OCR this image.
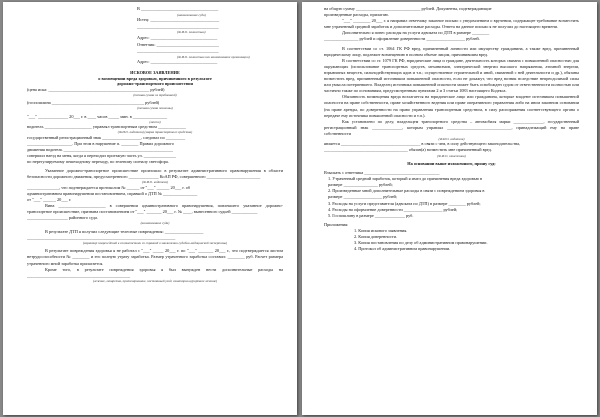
В ____________________________________
(наименование суда)
Истец: ________________________________
______________________________________
(Ф.И.О. полностью)
Адрес: _______________________________
Ответчик: _____________________________
______________________________________
(Ф.И.О. полностью или наименование организации)
Адрес: _______________________________
ИСКОВОЕ ЗАЯВЛЕНИЕ
о возмещении вреда здоровью, причиненного в результате
дорожно-транспортного происшествия
(цена иска: _______________________________________________ рублей)
(точная сумма из требований)
(госпошлина ___________________________________________ рублей)
(точная сумма пошлины)
"___" ______________ 20___ г. в ____ часов _____ мин. в ________________
(место)
водитель ______________________ управлял транспортным средством _____________
(Ф.И.О. водителя) (марка транспортного средства)
государственный регистрационный знак __________________, следовал по _________
_____________________. При этом в нарушение п. ________ Правил дорожного
движения водитель ___________________________________________________
совершил наезд на меня, когда я переходил проезжую часть ул. _______________
по нерегулируемому пешеходному переходу, по зеленому сигналу светофора.
Указанное дорожно-транспортное происшествие произошло в результате административного правонарушения в области безопасности дорожного движения, предусмотренного ______________ КоАП РФ, совершенного _________________________
(Ф.И.О. водителя)
_______________, что подтверждается протоколом № ______ от "___" ______ 20___ г. об
административном правонарушении постановлением, справкой о ДТП № ________________
от "___" ______ 20___ г.
Вина ______________________ в совершении административного правонарушения, повлекшего указанное дорожно-транспортное происшествие, признана постановлением от "___" _______ 20___ г. № ____, вынесенного судьей ____________
___________________ районного суда.
(наименование суда)
В результате ДТП я получил следующие телесные повреждения: __________________
_____________________________________________________________________
(характер повреждений в соответствии со справкой о заключении судебно-медицинской экспертизы)
В результате повреждения здоровья я не работал с "___" _____ 20___ г. по "___" _______ 20___ г., что подтверждается листом нетрудоспособности № ________ и его полную утрату заработка. Размер утраченного заработка составил: ________ руб. Расчет размера утраченного мной заработка прилагается.
Кроме того, в результате повреждения здоровья я был вынужден нести дополнительные расходы на ________________________________________________
(лечение, лекарства, протезирование, постоянный уход, санаторно-курортное лечение)
на общую сумму ______________________________ рублей. Документы, подтверждающие
произведенные расходы, прилагаю.
"___" ________ 20___ г. я направил ответчику заказное письмо с уведомлением о вручении, содержащее требование возместить мне утраченный средний заработок и дополнительные расходы. Ответа на данное письмо я не получил до настоящего времени.
Дополнительно я понес расходы на услуги адвоката по ДТП в размере ________
________________ рублей и оформление доверенности __________________ рублей.
В соответствии со ст. 1064 ГК РФ вред, причиненный личности или имуществу гражданина, а также вред, причиненный юридическому лицу, подлежит возмещению в полном объеме лицом, причинившим вред.
В соответствии со ст. 1079 ГК РФ, юридические лица и граждане, деятельность которых связана с повышенной опасностью для окружающих (использование транспортных средств, механизмов, электрической энергии высокого напряжения, атомной энергии, взрывчатых веществ, сильнодействующих ядов и т.п.; осуществление строительной и иной, связанной с ней деятельности и др.), обязаны возместить вред, причиненный источником повышенной опасности, если не докажут, что вред возник вследствие непреодолимой силы или умысла потерпевшего. Владелец источника повышенной опасности может быть освобожден судом от ответственности полностью или частично также по основаниям, предусмотренным пунктами 2 и 3 статьи 1083 настоящего Кодекса.
Обязанность возмещения вреда возлагается на юридическое лицо или гражданина, которые владеют источником повышенной опасности на праве собственности, праве хозяйственного ведения или праве оперативного управления либо на ином законном основании (на праве аренды, по доверенности на право управления транспортным средством, в силу распоряжения соответствующего органа о передаче ему источника повышенной опасности и т.п.).
Как установлено по делу, владельцем транспортного средства – автомобиля марки ______________, государственный регистрационный знак ______________, которым управлял ______________________________, принадлежащий ему на праве собственности
(Ф.И.О. водителя)
является _____________________________________ в связи с чем, в силу действующего законодательства,
_______________________________________ обязан(а) возместить мне причиненный вред.
(Ф.И.О. ответчика)
На основании выше изложенного, прошу суд:
Взыскать с ответчика ___________________________________
1. Утраченный средний заработок, который я имел до причинения вреда здоровью в
размере ________________ рублей;
2. Произведенные мной дополнительные расходы в связи с повреждением здоровья в
размере __________________ рублей;
3. Расходы на услуги представителя (адвоката по ДТП) в размере ________ рублей;
4. Расходы на оформление доверенности __________________ рублей;
5. Госпошлину в размере ______________ руб.
Приложения:
1. Копия искового заявления.
2. Копия доверенности.
3. Копия постановления по делу об административном правонарушении.
4. Протокол об административном правонарушении.
